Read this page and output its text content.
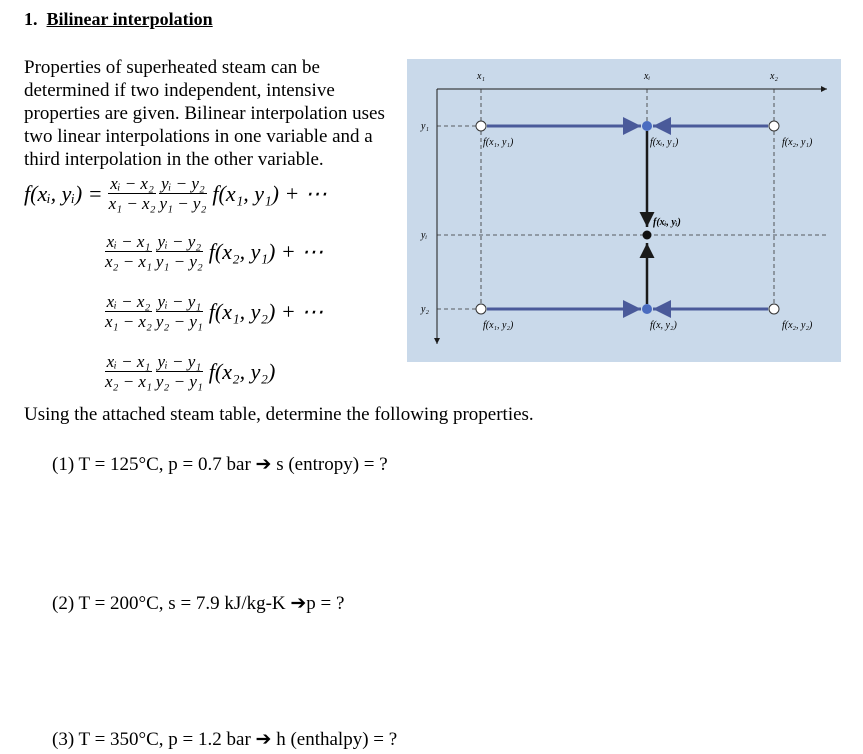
1. Bilinear interpolation
Properties of superheated steam can be determined if two independent, intensive properties are given. Bilinear interpolation uses two linear interpolations in one variable and a third interpolation in the other variable.
f(xᵢ, yᵢ) = $\frac{\text{xᵢ − x₂}}{\text{x₁ − x₂}} \frac{\text{yᵢ − y₂}}{\text{y₁ − y₂}} f(x_1$, y₁) + ⋯
$\frac{\text{xᵢ − x₁}}{\text{x₂ − x₁}} \frac{\text{yᵢ − y₂}}{\text{y₁ − y₂}} f(x_2$, y₁) + ⋯
$\frac{\text{xᵢ − x₂}}{\text{x₁ − x₂}} \frac{\text{yᵢ − y₁}}{\text{y₂ − y₁}} f(x_1$, y₂) + ⋯
$\frac{\text{xᵢ − x₁}}{\text{x₂ − x₁}} \frac{\text{yᵢ − y₁}}{\text{y₂ − y₁}} f(x_2$, y₂)
x₁	xᵢ	x₂
y₁
yᵢ
y₂
f(x₁, y₁)	f(xᵢ, y₁)	f(x₂, y₁)
f(xᵢ, yᵢ)
f(x₁, y₂)	f(x, y₂)	f(x₂, y₂)
Using the attached steam table, determine the following properties.
(1) T = 125°C, p = 0.7 bar ➔ s (entropy) = ?
(2) T = 200°C, s = 7.9 kJ/kg-K ➔p = ?
(3) T = 350°C, p = 1.2 bar ➔ h (enthalpy) = ?
